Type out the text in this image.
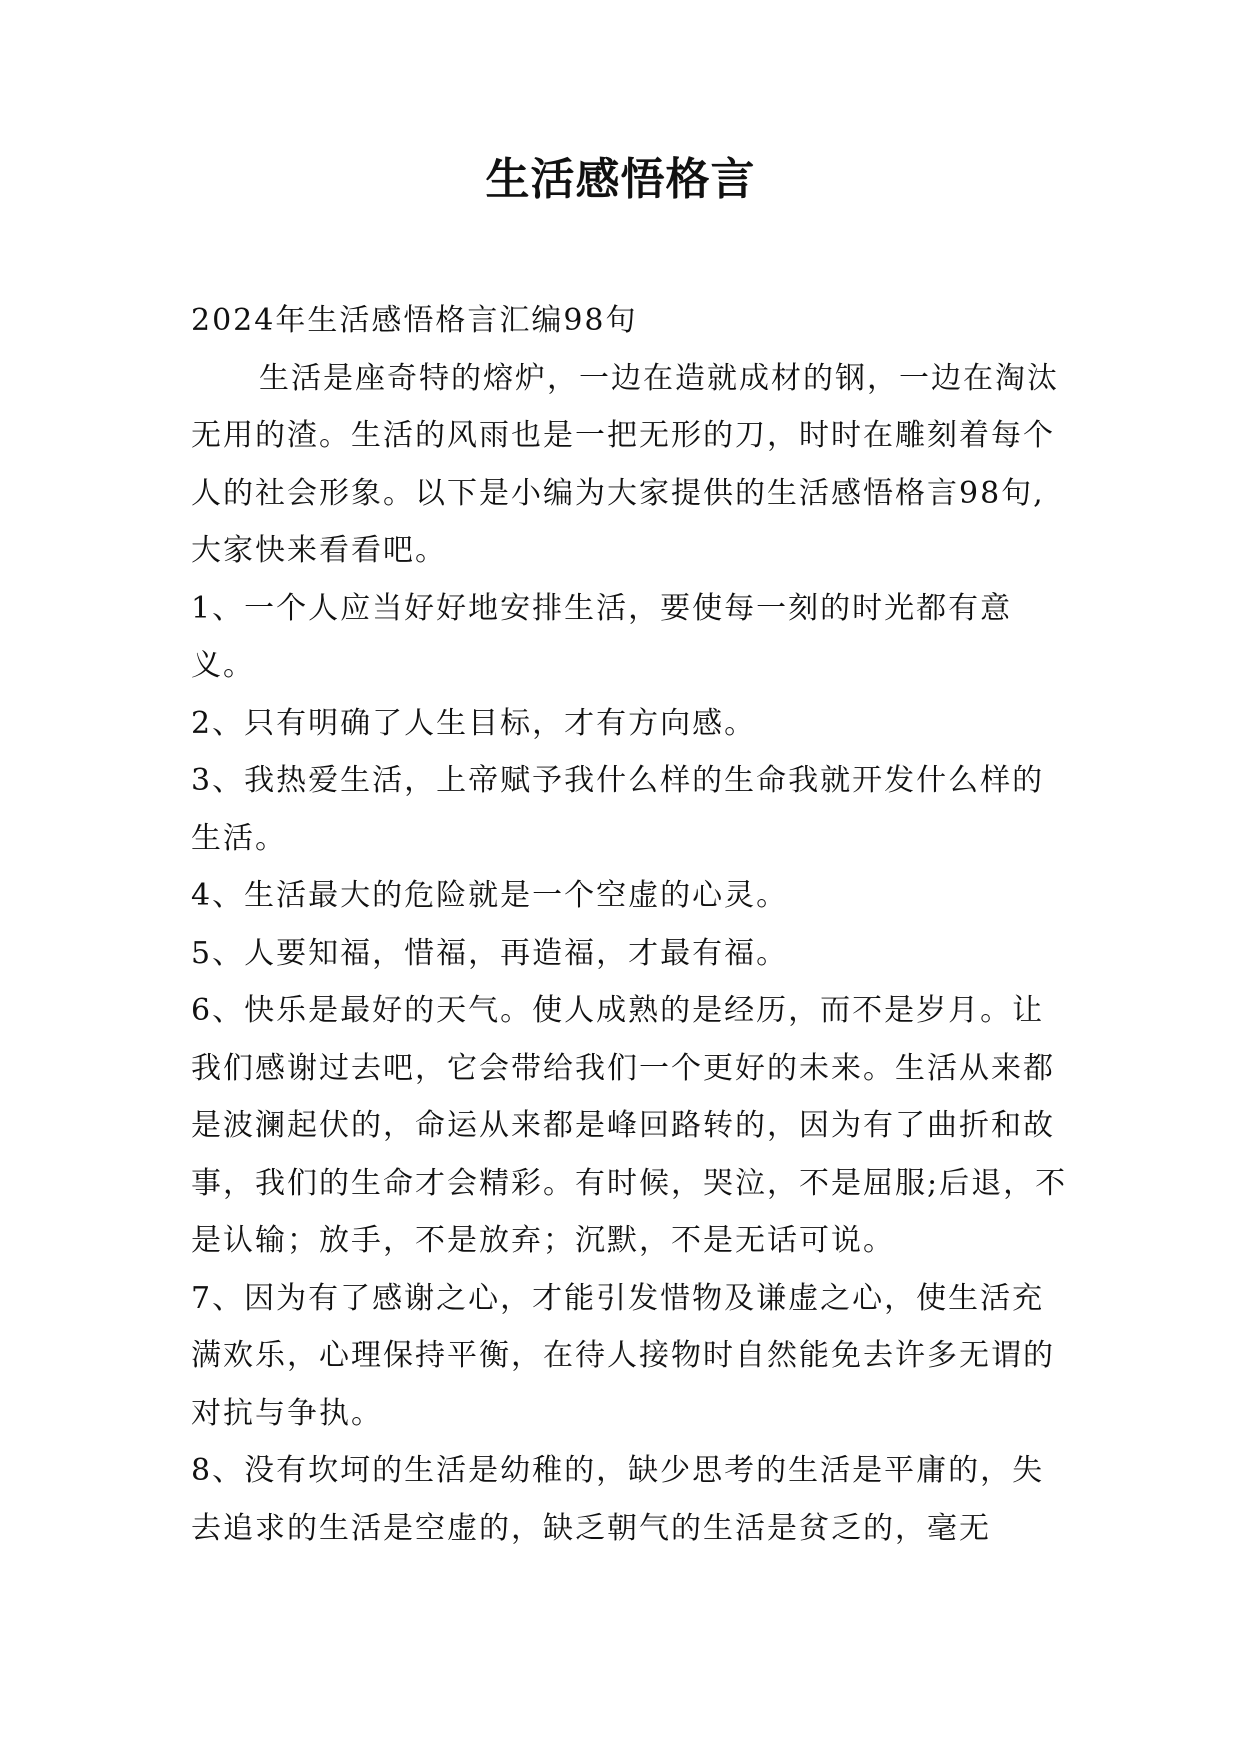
生活感悟格言

2024年生活感悟格言汇编98句

生活是座奇特的熔炉，一边在造就成材的钢，一边在淘汰无用的渣。生活的风雨也是一把无形的刀，时时在雕刻着每个人的社会形象。以下是小编为大家提供的生活感悟格言98句,大家快来看看吧。

1、一个人应当好好地安排生活，要使每一刻的时光都有意义。

2、只有明确了人生目标，才有方向感。

3、我热爱生活，上帝赋予我什么样的生命我就开发什么样的生活。

4、生活最大的危险就是一个空虚的心灵。

5、人要知福，惜福，再造福，才最有福。

6、快乐是最好的天气。使人成熟的是经历，而不是岁月。让我们感谢过去吧，它会带给我们一个更好的未来。生活从来都是波澜起伏的，命运从来都是峰回路转的，因为有了曲折和故事，我们的生命才会精彩。有时候，哭泣，不是屈服;后退，不是认输；放手，不是放弃；沉默，不是无话可说。

7、因为有了感谢之心，才能引发惜物及谦虚之心，使生活充满欢乐，心理保持平衡，在待人接物时自然能免去许多无谓的对抗与争执。

8、没有坎坷的生活是幼稚的，缺少思考的生活是平庸的，失去追求的生活是空虚的，缺乏朝气的生活是贫乏的，毫无
